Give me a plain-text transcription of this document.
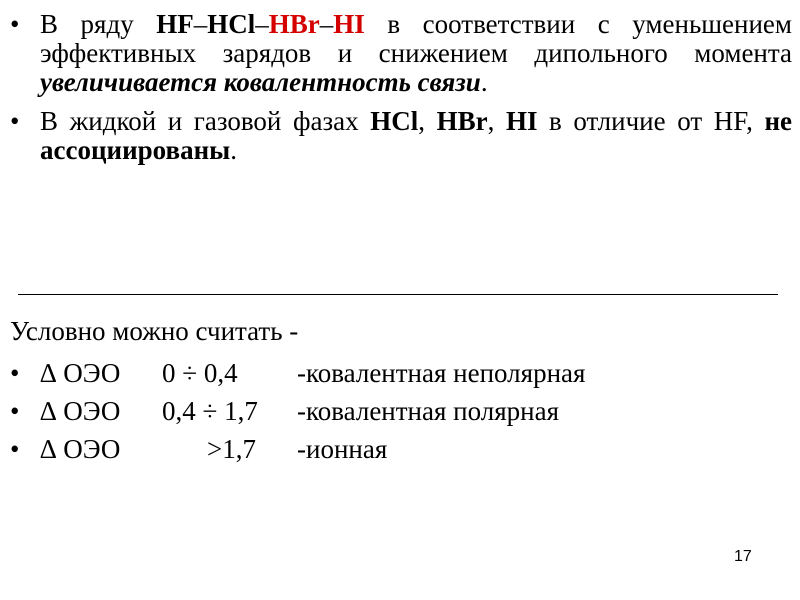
• В ряду HF–HCl–HBr–HI в соответствии с уменьшением эффективных зарядов и снижением дипольного момента увеличивается ковалентность связи.
• В жидкой и газовой фазах HCl, HBr, HI в отличие от HF, не ассоциированы.
Условно можно считать -
• ∆ ОЭО 0 ÷ 0,4 -ковалентная неполярная
• ∆ ОЭО 0,4 ÷ 1,7 -ковалентная полярная
• ∆ ОЭО	>1,7 -ионная
17
